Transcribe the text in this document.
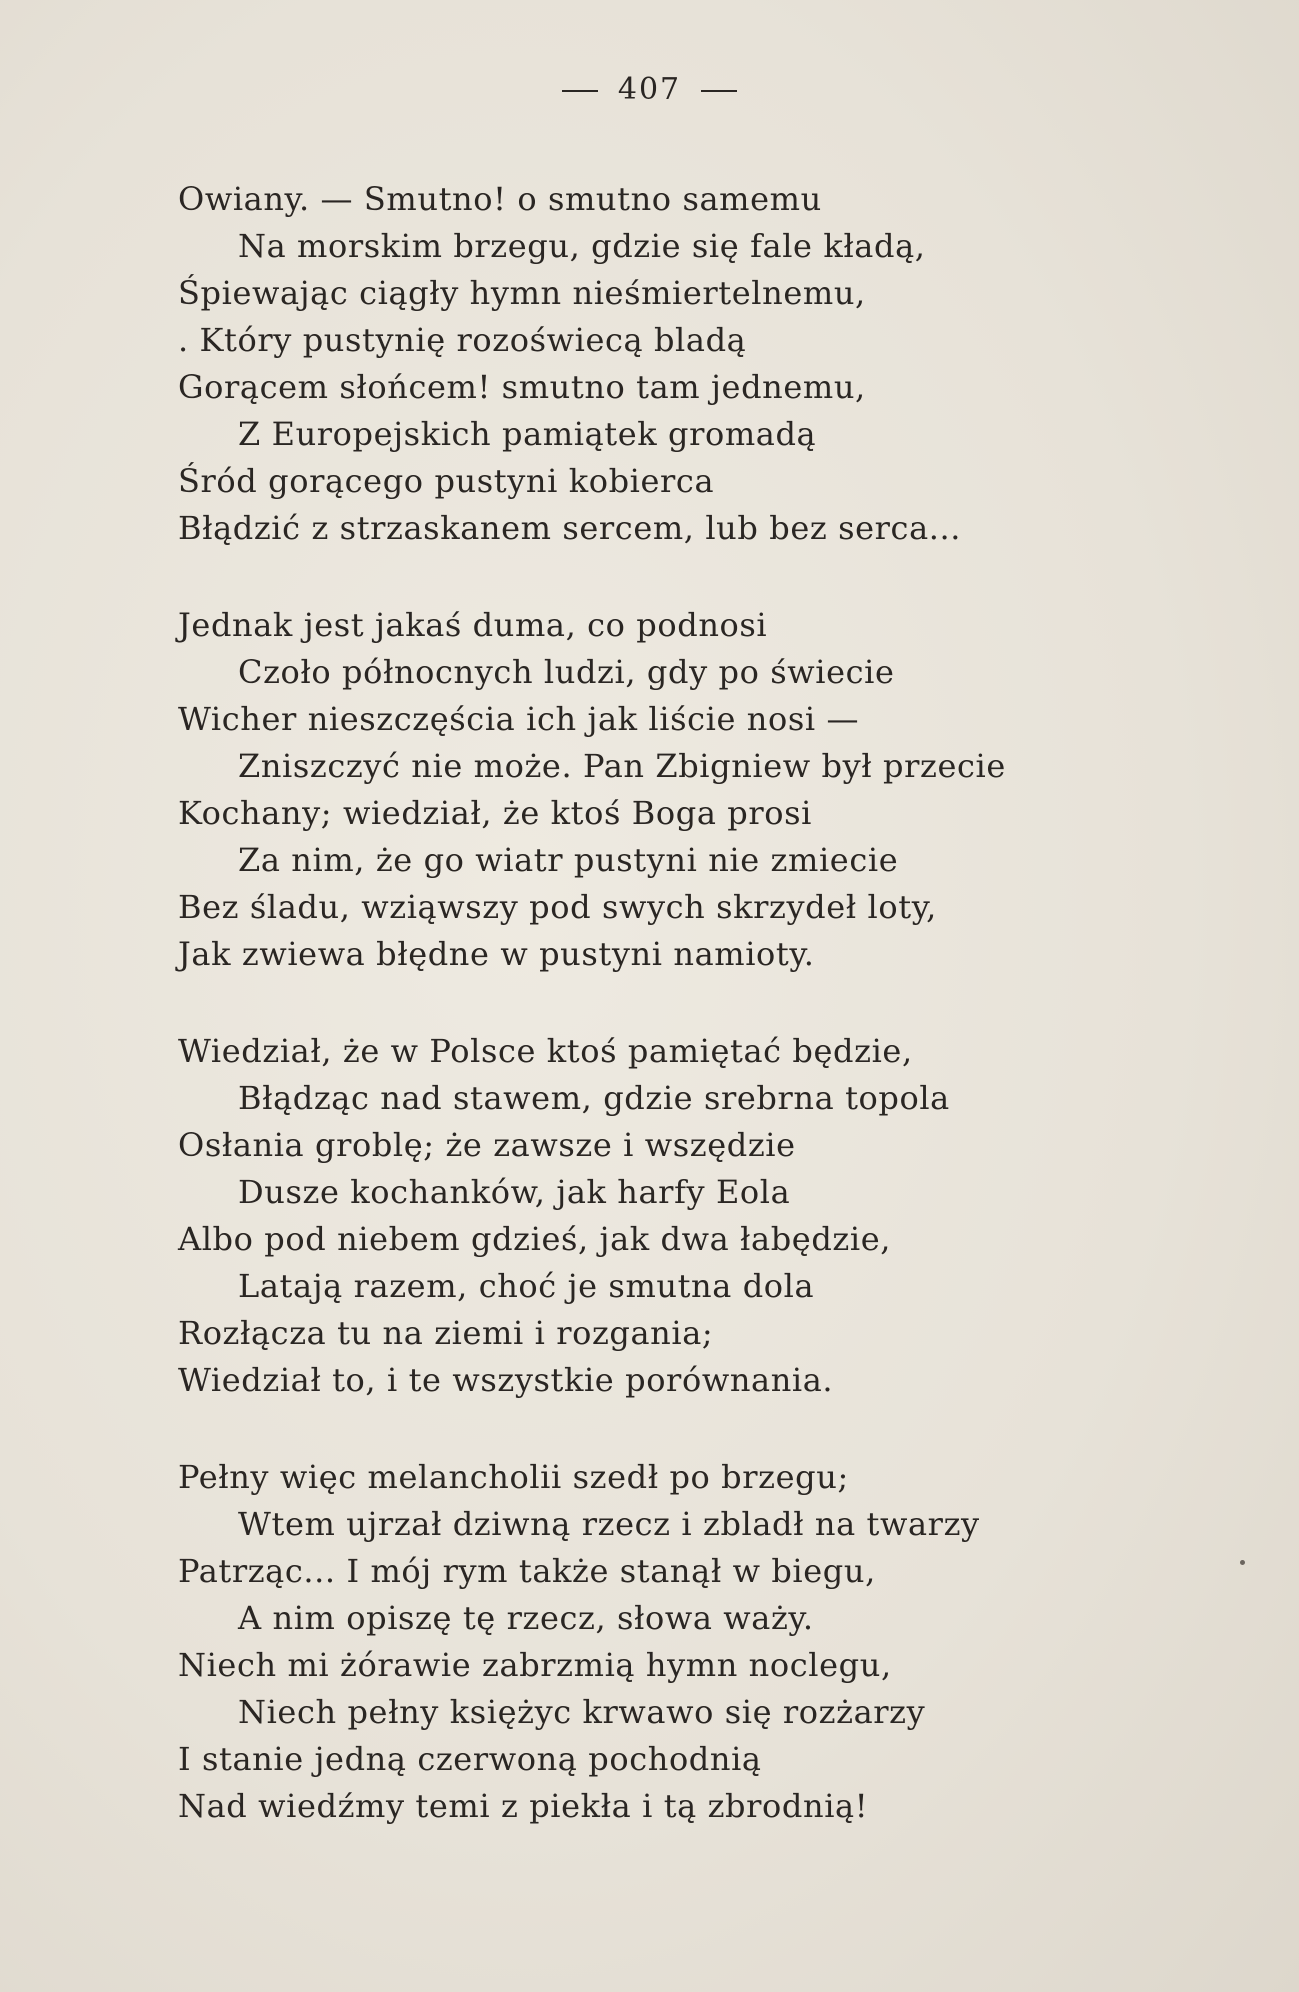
407
Owiany. — Smutno! o smutno samemu
Na morskim brzegu, gdzie się fale kładą,
Śpiewając ciągły hymn nieśmiertelnemu,
. Który pustynię rozoświecą bladą
Gorącem słońcem! smutno tam jednemu,
Z Europejskich pamiątek gromadą
Śród gorącego pustyni kobierca
Błądzić z strzaskanem sercem, lub bez serca...
Jednak jest jakaś duma, co podnosi
Czoło północnych ludzi, gdy po świecie
Wicher nieszczęścia ich jak liście nosi —
Zniszczyć nie może. Pan Zbigniew był przecie
Kochany; wiedział, że ktoś Boga prosi
Za nim, że go wiatr pustyni nie zmiecie
Bez śladu, wziąwszy pod swych skrzydeł loty,
Jak zwiewa błędne w pustyni namioty.
Wiedział, że w Polsce ktoś pamiętać będzie,
Błądząc nad stawem, gdzie srebrna topola
Osłania groblę; że zawsze i wszędzie
Dusze kochanków, jak harfy Eola
Albo pod niebem gdzieś, jak dwa łabędzie,
Latają razem, choć je smutna dola
Rozłącza tu na ziemi i rozgania;
Wiedział to, i te wszystkie porównania.
Pełny więc melancholii szedł po brzegu;
Wtem ujrzał dziwną rzecz i zbladł na twarzy
Patrząc... I mój rym także stanął w biegu,
A nim opiszę tę rzecz, słowa waży.
Niech mi żórawie zabrzmią hymn noclegu,
Niech pełny księżyc krwawo się rozżarzy
I stanie jedną czerwoną pochodnią
Nad wiedźmy temi z piekła i tą zbrodnią!
